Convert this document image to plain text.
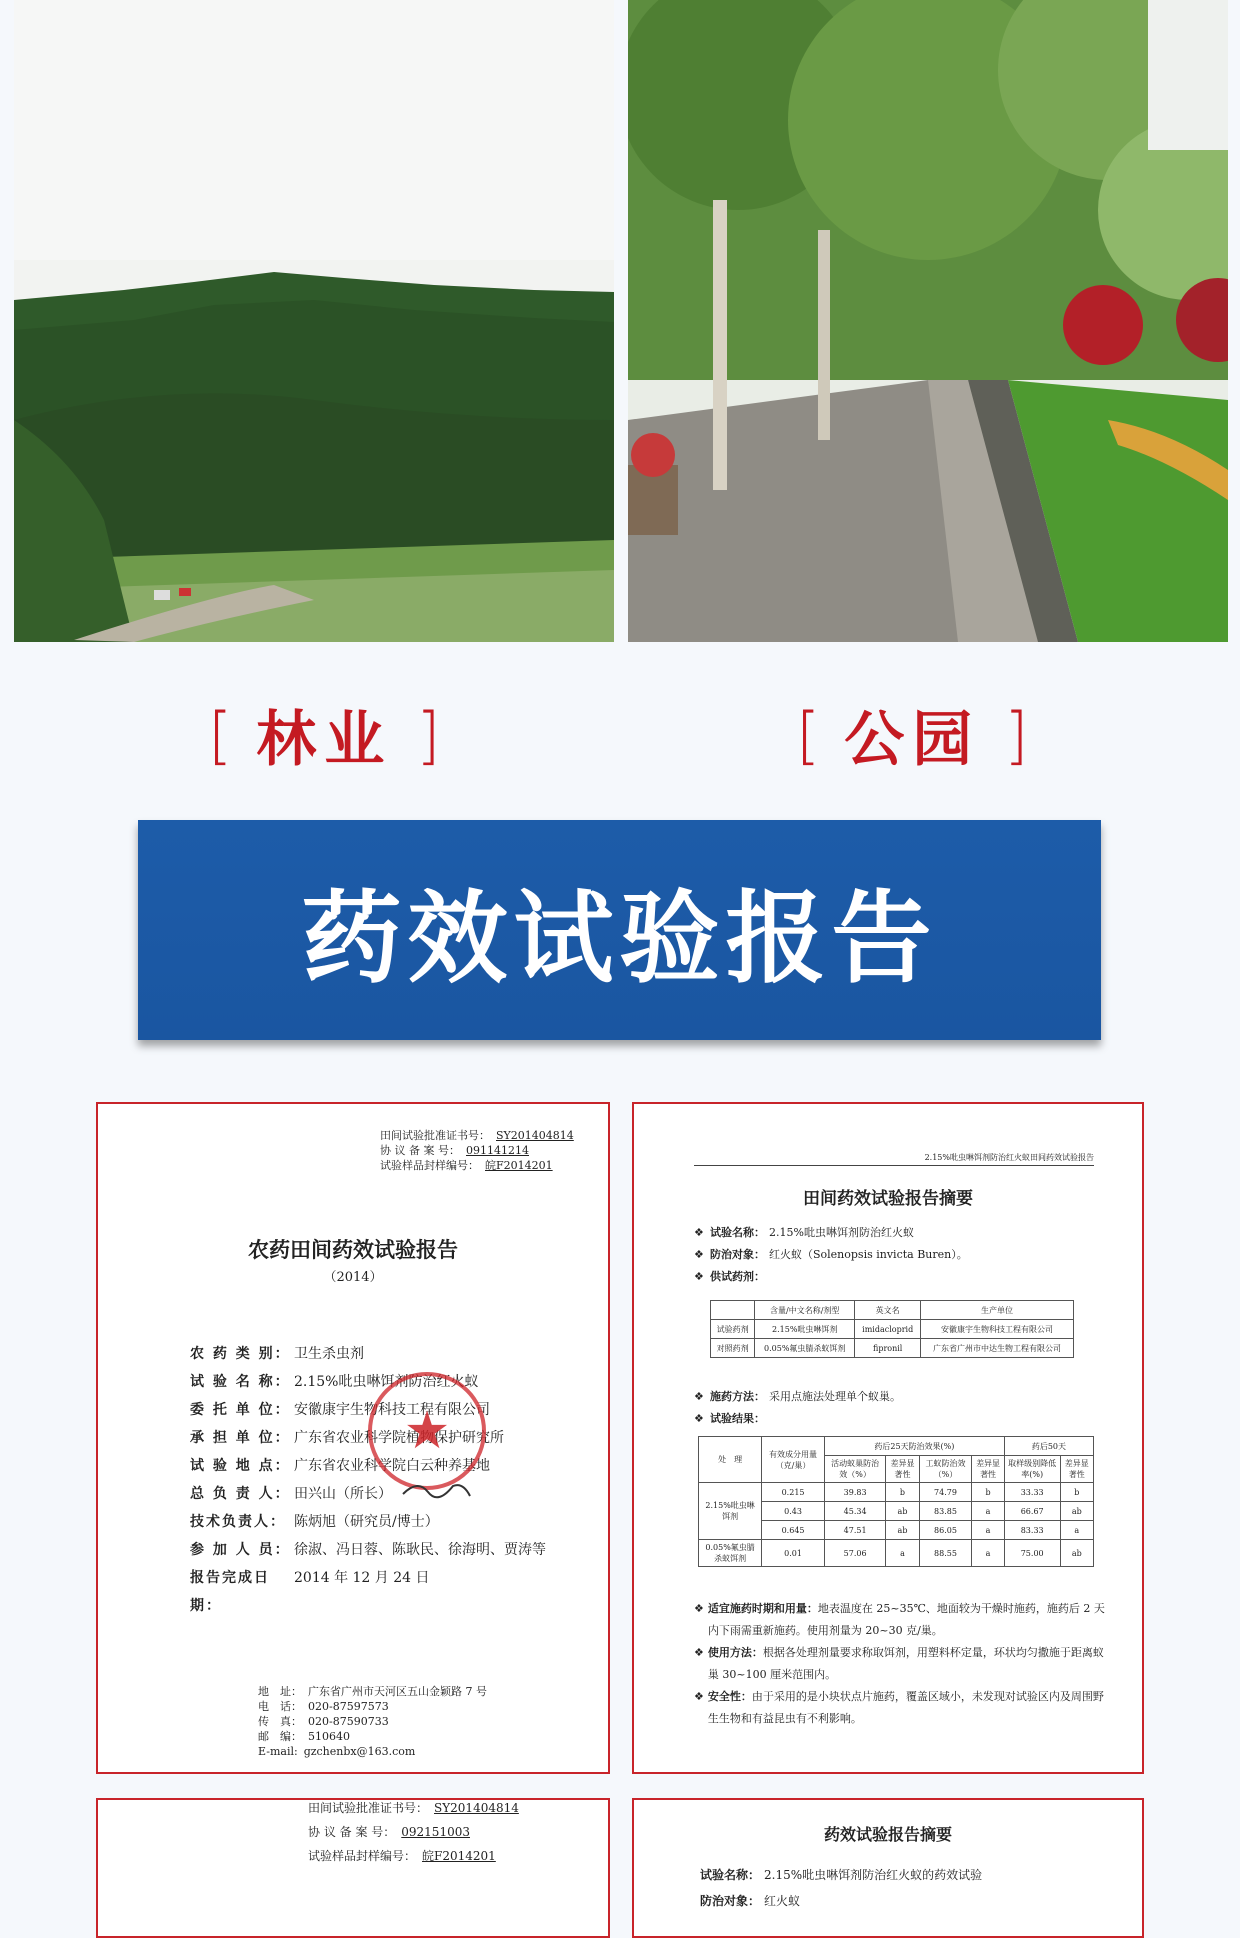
[ 林业 ]	[ 公园 ]
药效试验报告
田间试验批准证书号： SY201404814
协 议 备 案 号： 091141214
试验样品封样编号： 皖F2014201
农药田间药效试验报告
（2014）
农 药 类 别： 卫生杀虫剂
试 验 名 称： 2.15%吡虫啉饵剂防治红火蚁
委 托 单 位： 安徽康宇生物科技工程有限公司
承 担 单 位： 广东省农业科学院植物保护研究所
试 验 地 点： 广东省农业科学院白云种养基地
总 负 责 人： 田兴山（所长）
技术负责人： 陈炳旭（研究员/博士）
参 加 人 员： 徐淑、冯日蓉、陈耿民、徐海明、贾涛等
报告完成日期：
2014 年 12 月 24 日
★
地　址： 广东省广州市天河区五山金颖路 7 号
电　话： 020-87597573
传　真： 020-87590733
邮　编： 510640
E-mail: gzchenbx@163.com
2.15%吡虫啉饵剂防治红火蚁田间药效试验报告
田间药效试验报告摘要
❖ 试验名称： 2.15%吡虫啉饵剂防治红火蚁
❖ 防治对象： 红火蚁（Solenopsis invicta Buren）。
❖ 供试药剂：
	含量/中文名称/剂型	英文名	生产单位
试验药剂	2.15%吡虫啉饵剂	imidacloprid	安徽康宇生物科技工程有限公司
对照药剂	0.05%氟虫腈杀蚁饵剂	fipronil	广东省广州市中达生物工程有限公司
❖ 施药方法： 采用点施法处理单个蚁巢。
❖ 试验结果：
处　理	有效成分用量（克/巢）	药后25天防治效果(%)				药后50天	
		活动蚁巢防治效（%）	差异显著性	工蚁防治效（%）	差异显著性	取样级别降低率(%)	差异显著性
2.15%吡虫啉饵剂	0.215	39.83	b	74.79	b	33.33	b
	0.43	45.34	ab	83.85	a	66.67	ab
	0.645	47.51	ab	86.05	a	83.33	a
0.05%氟虫腈杀蚁饵剂	0.01	57.06	a	88.55	a	75.00	ab
❖ 适宜施药时期和用量：地表温度在 25~35℃、地面较为干燥时施药，施药后 2 天内下雨需重新施药。使用剂量为 20~30 克/巢。
❖ 使用方法：根据各处理剂量要求称取饵剂，用塑料杯定量，环状均匀撒施于距离蚁巢 30~100 厘米范围内。
❖ 安全性：由于采用的是小块状点片施药，覆盖区域小，未发现对试验区内及周围野生生物和有益昆虫有不利影响。
田间试验批准证书号： SY201404814
协 议 备 案 号： 092151003
试验样品封样编号： 皖F2014201
药效试验报告摘要
试验名称： 2.15%吡虫啉饵剂防治红火蚁的药效试验
防治对象： 红火蚁
